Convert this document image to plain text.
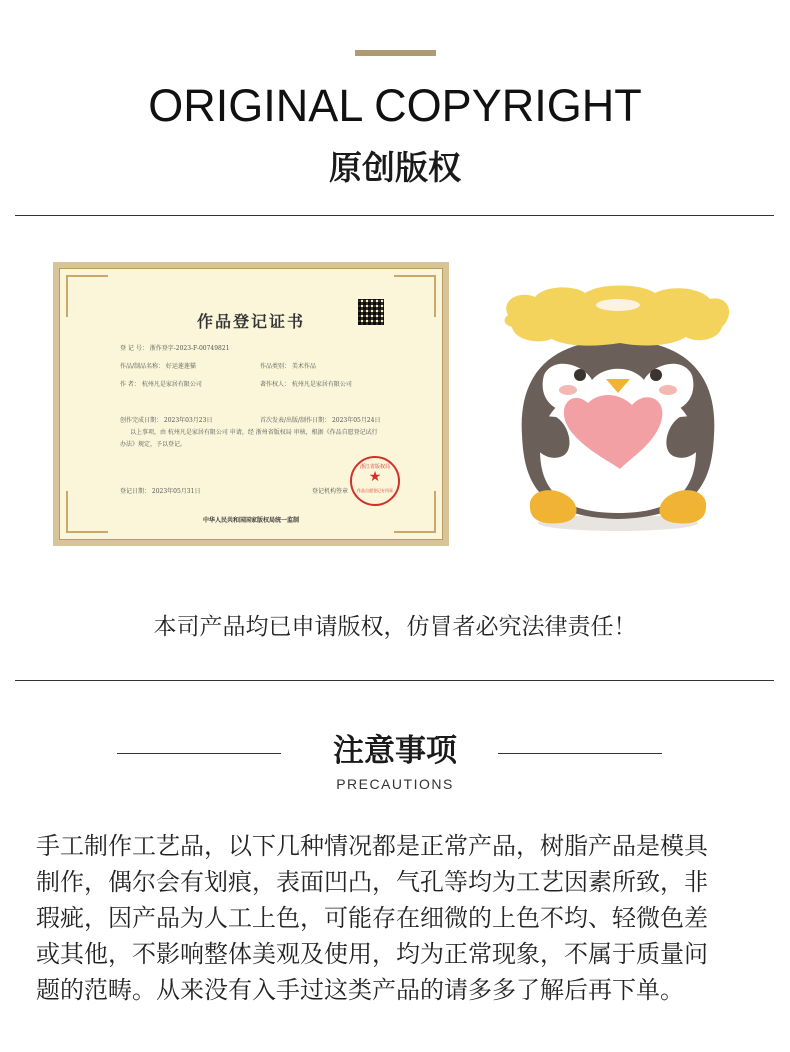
ORIGINAL COPYRIGHT
原创版权
作品登记证书
登 记 号： 浙作登字-2023-F-00749821
作品/制品名称： 好运莲莲猫	作品类别： 美术作品
作 者： 杭州凡是家居有限公司	著作权人： 杭州凡是家居有限公司
创作完成日期： 2023年03月23日	首次发表/出版/制作日期： 2023年05月24日
以上事项，由 杭州凡是家居有限公司 申请，经 浙州省版权局 审核，根据《作品自愿登记试行
办法》规定，予以登记。
登记日期： 2023年05月31日	登记机构签章
中华人民共和国国家版权局统一监制
浙江省版权局
★
作品自愿登记专用章
本司产品均已申请版权，仿冒者必究法律责任！
注意事项
PRECAUTIONS
手工制作工艺品，以下几种情况都是正常产品，树脂产品是模具
制作，偶尔会有划痕，表面凹凸，气孔等均为工艺因素所致，非
瑕疵，因产品为人工上色，可能存在细微的上色不均、轻微色差
或其他，不影响整体美观及使用，均为正常现象，不属于质量问
题的范畴。从来没有入手过这类产品的请多多了解后再下单。
